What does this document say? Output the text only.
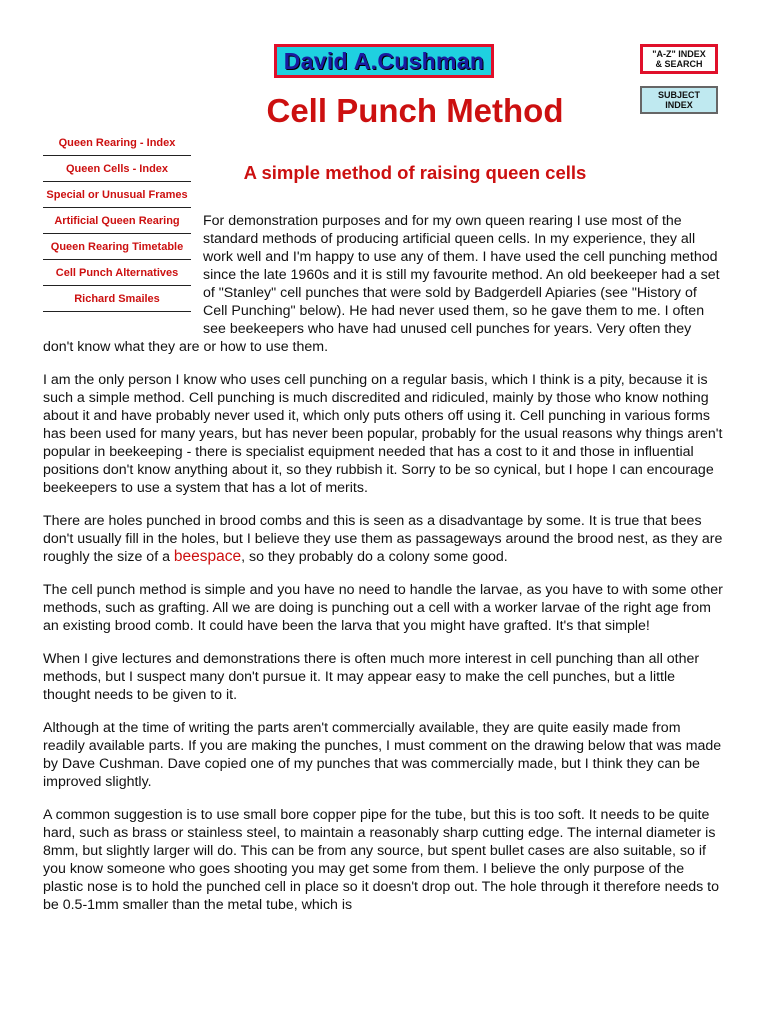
David A.Cushman	"A-Z" INDEX
& SEARCH
SUBJECT
INDEX
Cell Punch Method
A simple method of raising queen cells
Queen Rearing - Index
Queen Cells - Index
Special or Unusual Frames
Artificial Queen Rearing
Queen Rearing Timetable
Cell Punch Alternatives
Richard Smailes

For demonstration purposes and for my own queen rearing I use most of the standard methods of producing artificial queen cells. In my experience, they all work well and I'm happy to use any of them. I have used the cell punching method since the late 1960s and it is still my favourite method. An old beekeeper had a set of "Stanley" cell punches that were sold by Badgerdell Apiaries (see "History of Cell Punching" below). He had never used them, so he gave them to me. I often see beekeepers who have had unused cell punches for years. Very often they don't know what they are or how to use them.

I am the only person I know who uses cell punching on a regular basis, which I think is a pity, because it is such a simple method. Cell punching is much discredited and ridiculed, mainly by those who know nothing about it and have probably never used it, which only puts others off using it. Cell punching in various forms has been used for many years, but has never been popular, probably for the usual reasons why things aren't popular in beekeeping - there is specialist equipment needed that has a cost to it and those in influential positions don't know anything about it, so they rubbish it. Sorry to be so cynical, but I hope I can encourage beekeepers to use a system that has a lot of merits.

There are holes punched in brood combs and this is seen as a disadvantage by some. It is true that bees don't usually fill in the holes, but I believe they use them as passageways around the brood nest, as they are roughly the size of a beespace, so they probably do a colony some good.

The cell punch method is simple and you have no need to handle the larvae, as you have to with some other methods, such as grafting. All we are doing is punching out a cell with a worker larvae of the right age from an existing brood comb. It could have been the larva that you might have grafted. It's that simple!

When I give lectures and demonstrations there is often much more interest in cell punching than all other methods, but I suspect many don't pursue it. It may appear easy to make the cell punches, but a little thought needs to be given to it.

Although at the time of writing the parts aren't commercially available, they are quite easily made from readily available parts. If you are making the punches, I must comment on the drawing below that was made by Dave Cushman. Dave copied one of my punches that was commercially made, but I think they can be improved slightly.

A common suggestion is to use small bore copper pipe for the tube, but this is too soft. It needs to be quite hard, such as brass or stainless steel, to maintain a reasonably sharp cutting edge. The internal diameter is 8mm, but slightly larger will do. This can be from any source, but spent bullet cases are also suitable, so if you know someone who goes shooting you may get some from them. I believe the only purpose of the plastic nose is to hold the punched cell in place so it doesn't drop out. The hole through it therefore needs to be 0.5-1mm smaller than the metal tube, which is
